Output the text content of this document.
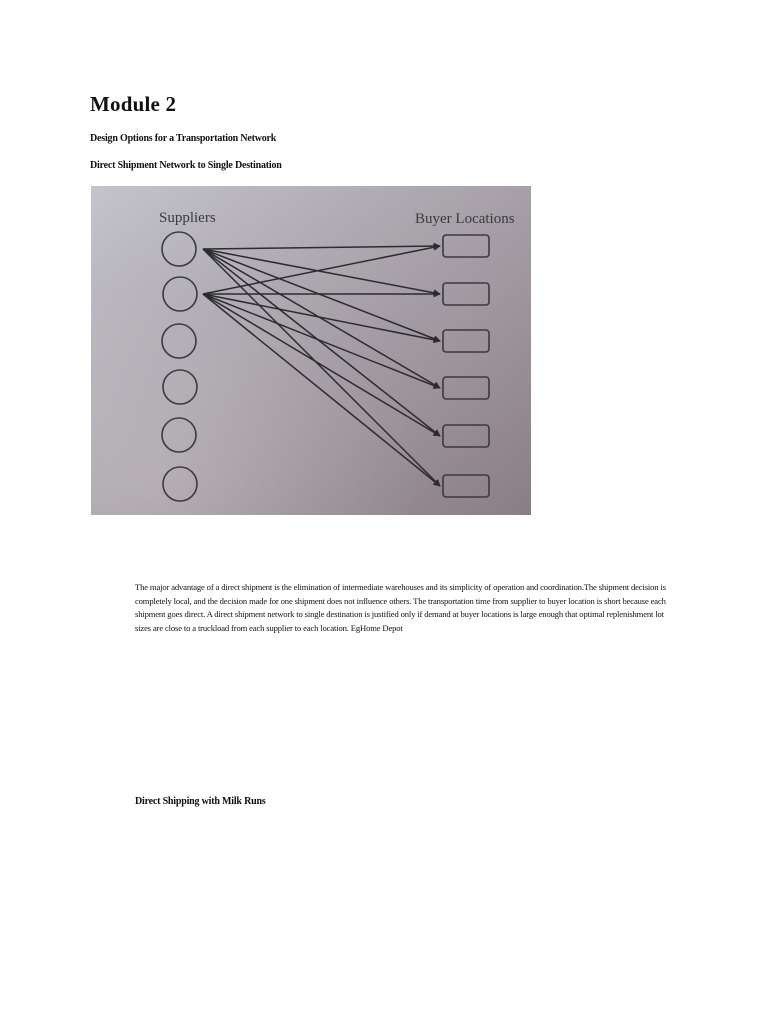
Module 2

Design Options for a Transportation Network

Direct Shipment Network to Single Destination

Suppliers	Buyer Locations

The major advantage of a direct shipment is the elimination of intermediate warehouses and its simplicity of operation and coordination.The shipment decision is completely local, and the decision made for one shipment does not influence others. The transportation time from supplier to buyer location is short because each shipment goes direct. A direct shipment network to single destination is justified only if demand at buyer locations is large enough that optimal replenishment lot sizes are close to a truckload from each supplier to each location. EgHome Depot

Direct Shipping with Milk Runs
